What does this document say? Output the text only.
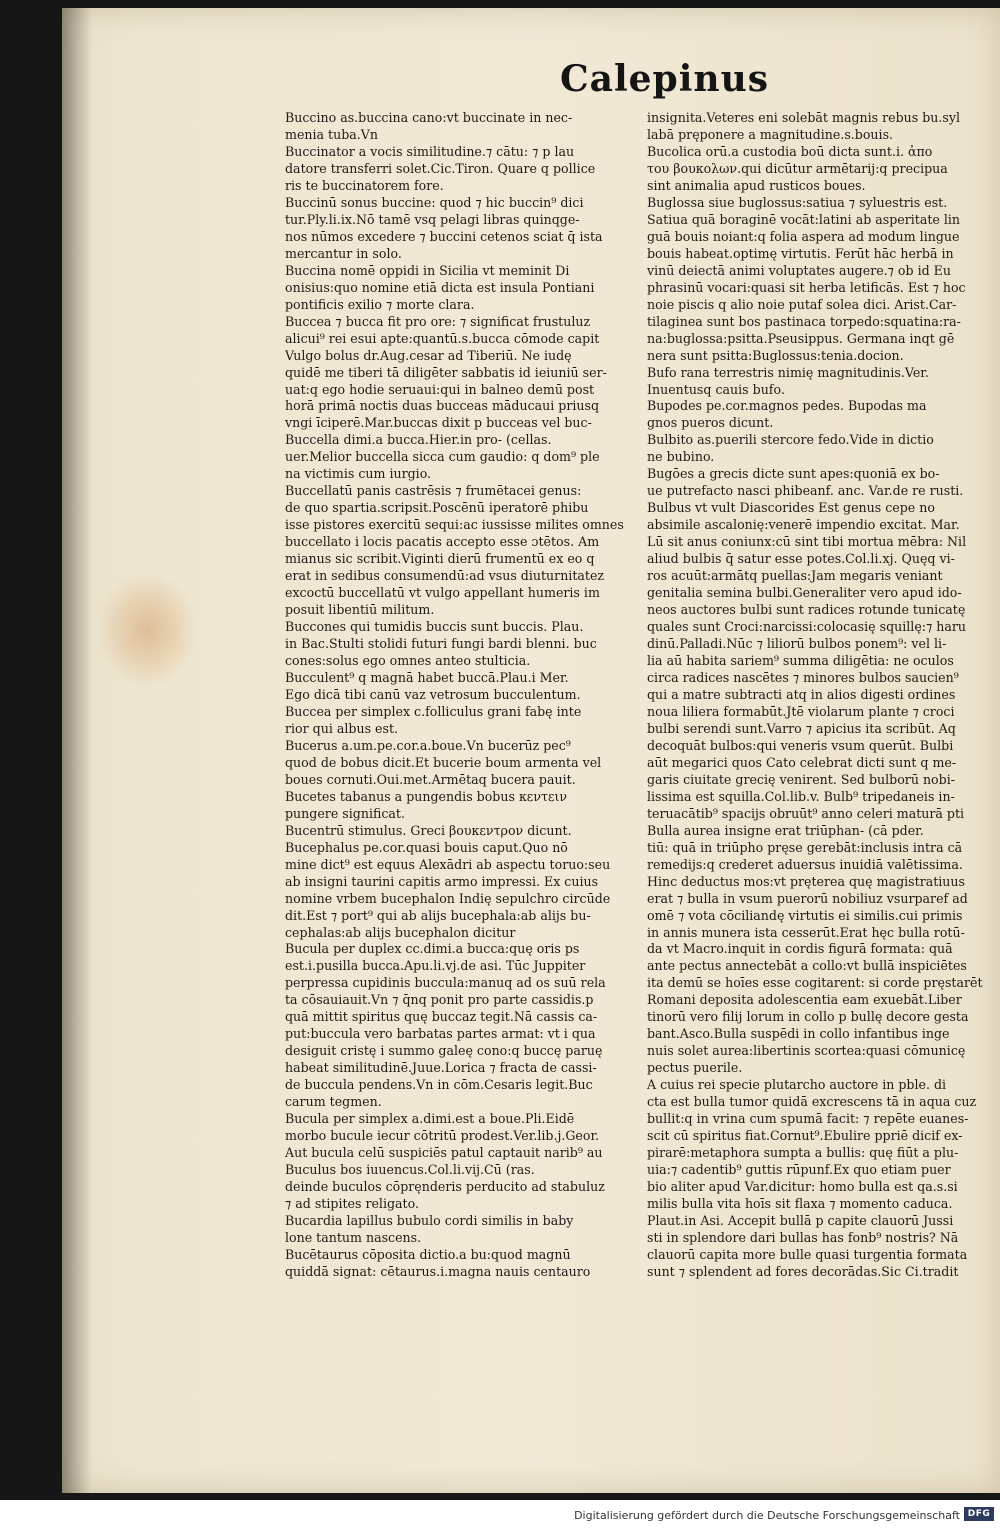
Calepinus
Buccino as.buccina cano:vt buccinate in nec-
menia tuba.Vn
Buccinator a vocis similitudine.⁊ cātu: ⁊ p lau
datore transferri solet.Cic.Tiron. Quare q pollice
ris te buccinatorem fore.
Buccinū sonus buccine: quod ⁊ hic buccin⁹ dici
tur.Ply.li.ix.Nō tamē vsq pelagi libras quinqge-
nos nūmos excedere ⁊ buccini cetenos sciat q̄ ista
mercantur in solo.
Buccina nomē oppidi in Sicilia vt meminit Di
onisius:quo nomine etiā dicta est insula Pontiani
pontificis exilio ⁊ morte clara.
Buccea ⁊ bucca fit pro ore: ⁊ significat frustuluz
alicui⁹ rei esui apte:quantū.s.bucca cōmode capit
Vulgo bolus dr.Aug.cesar ad Tiberiū. Ne iudę
quidē me tiberi tā diligēter sabbatis id ieiuniū ser-
uat:q ego hodie seruaui:qui in balneo demū post
horā primā noctis duas bucceas māducaui priusq
vngi īciperē.Mar.buccas dixit p bucceas vel buc-
Buccella dimi.a bucca.Hier.in pro- (cellas.
uer.Melior buccella sicca cum gaudio: q dom⁹ ple
na victimis cum iurgio.
Buccellatū panis castrēsis ⁊ frumētacei genus:
de quo spartia.scripsit.Poscēnū iperatorē phibu
isse pistores exercitū sequi:ac iussisse milites omnes
buccellato i locis pacatis accepto esse ɔtētos. Am
mianus sic scribit.Viginti dierū frumentū ex eo q
erat in sedibus consumendū:ad vsus diuturnitatez
excoctū buccellatū vt vulgo appellant humeris im
posuit libentiū militum.
Buccones qui tumidis buccis sunt buccis. Plau.
in Bac.Stulti stolidi futuri fungi bardi blenni. buc
cones:solus ego omnes anteo stulticia.
Bucculent⁹ q magnā habet buccā.Plau.i Mer.
Ego dicā tibi canū vaz vetrosum bucculentum.
Buccea per simplex c.folliculus grani fabę inte
rior qui albus est.
Bucerus a.um.pe.cor.a.boue.Vn bucerūz pec⁹
quod de bobus dicit.Et bucerie boum armenta vel
boues cornuti.Oui.met.Armētaq bucera pauit.
Bucetes tabanus a pungendis bobus κεντειν
pungere significat.
Bucentrū stimulus. Greci βουκεντρον dicunt.
Bucephalus pe.cor.quasi bouis caput.Quo nō
mine dict⁹ est equus Alexādri ab aspectu toruo:seu
ab insigni taurini capitis armo impressi. Ex cuius
nomine vrbem bucephalon Indię sepulchro circūde
dit.Est ⁊ port⁹ qui ab alijs bucephala:ab alijs bu-
cephalas:ab alijs bucephalon dicitur
Bucula per duplex cc.dimi.a bucca:quę oris ps
est.i.pusilla bucca.Apu.li.vj.de asi. Tūc Juppiter
perpressa cupidinis buccula:manuq ad os suū rela
ta cōsauiauit.Vn ⁊ q̄nq ponit pro parte cassidis.p
quā mittit spiritus quę buccaz tegit.Nā cassis ca-
put:buccula vero barbatas partes armat: vt i qua
desiguit cristę i summo galeę cono:q buccę paruę
habeat similitudinē.Juue.Lorica ⁊ fracta de cassi-
de buccula pendens.Vn in cōm.Cesaris legit.Buc
carum tegmen.
Bucula per simplex a.dimi.est a boue.Pli.Eidē
morbo bucule iecur cōtritū prodest.Ver.lib.j.Geor.
Aut bucula celū suspiciēs patul captauit narib⁹ au
Buculus bos iuuencus.Col.li.vij.Cū (ras.
deinde buculos cōpręnderis perducito ad stabuluz
⁊ ad stipites religato.
Bucardia lapillus bubulo cordi similis in baby
lone tantum nascens.
Bucētaurus cōposita dictio.a bu:quod magnū
quiddā signat: cētaurus.i.magna nauis centauro
insignita.Veteres eni solebāt magnis rebus bu.syl
labā pręponere a magnitudine.s.bouis.
Bucolica orū.a custodia boū dicta sunt.i. ἀπο
του βουκολων.qui dicūtur armētarij:q precipua
sint animalia apud rusticos boues.
Buglossa siue buglossus:satiua ⁊ syluestris est.
Satiua quā boraginē vocāt:latini ab asperitate lin
guā bouis noiant:q folia aspera ad modum lingue
bouis habeat.optimę virtutis. Ferūt hāc herbā in
vinū deiectā animi voluptates augere.⁊ ob id Eu
phrasinū vocari:quasi sit herba letificās. Est ⁊ hoc
noie piscis q alio noie putaf solea dici. Arist.Car-
tilaginea sunt bos pastinaca torpedo:squatina:ra-
na:buglossa:psitta.Pseusippus. Germana inqt gē
nera sunt psitta:Buglossus:tenia.docion.
Bufo rana terrestris nimię magnitudinis.Ver.
Inuentusq cauis bufo.
Bupodes pe.cor.magnos pedes. Bupodas ma
gnos pueros dicunt.
Bulbito as.puerili stercore fedo.Vide in dictio
ne bubino.
Bugōes a grecis dicte sunt apes:quoniā ex bo-
ue putrefacto nasci phibeanf. anc. Var.de re rusti.
Bulbus vt vult Diascorides Est genus cepe no
absimile ascalonię:venerē impendio excitat. Mar.
Lū sit anus coniunx:cū sint tibi mortua mēbra: Nil
aliud bulbis q̄ satur esse potes.Col.li.xj. Quęq vi-
ros acuūt:armātq puellas:Jam megaris veniant
genitalia semina bulbi.Generaliter vero apud ido-
neos auctores bulbi sunt radices rotunde tunicatę
quales sunt Croci:narcissi:colocasię squillę:⁊ haru
dinū.Palladi.Nūc ⁊ liliorū bulbos ponem⁹: vel li-
lia aū habita sariem⁹ summa diligētia: ne oculos
circa radices nascētes ⁊ minores bulbos saucien⁹
qui a matre subtracti atq in alios digesti ordines
noua liliera formabūt.Jtē violarum plante ⁊ croci
bulbi serendi sunt.Varro ⁊ apicius ita scribūt. Aq
decoquāt bulbos:qui veneris vsum querūt. Bulbi
aūt megarici quos Cato celebrat dicti sunt q me-
garis ciuitate grecię venirent. Sed bulborū nobi-
lissima est squilla.Col.lib.v. Bulb⁹ tripedaneis in-
teruacātib⁹ spacijs obruūt⁹ anno celeri maturā pti
Bulla aurea insigne erat triūphan- (cā pder.
tiū: quā in triūpho pręse gerebāt:inclusis intra cā
remedijs:q crederet aduersus inuidiā valētissima.
Hinc deductus mos:vt pręterea quę magistratiuus
erat ⁊ bulla in vsum puerorū nobiliuz vsurparef ad
omē ⁊ vota cōciliandę virtutis ei similis.cui primis
in annis munera ista cesserūt.Erat hęc bulla rotū-
da vt Macro.inquit in cordis figurā formata: quā
ante pectus annectebāt a collo:vt bullā inspiciētes
ita demū se hoīes esse cogitarent: si corde pręstarēt
Romani deposita adolescentia eam exuebāt.Liber
tinorū vero filij lorum in collo p bullę decore gesta
bant.Asco.Bulla suspēdi in collo infantibus inge
nuis solet aurea:libertinis scortea:quasi cōmunicę
pectus puerile.
A cuius rei specie plutarcho auctore in pble. di
cta est bulla tumor quidā excrescens tā in aqua cuz
bullit:q in vrina cum spumā facit: ⁊ repēte euanes-
scit cū spiritus fiat.Cornut⁹.Ebulire ppriē dicif ex-
pirarē:metaphora sumpta a bullis: quę fiūt a plu-
uia:⁊ cadentib⁹ guttis rūpunf.Ex quo etiam puer
bio aliter apud Var.dicitur: homo bulla est qa.s.si
milis bulla vita hoīs sit flaxa ⁊ momento caduca.
Plaut.in Asi. Accepit bullā p capite clauorū Jussi
sti in splendore dari bullas has fonb⁹ nostris? Nā
clauorū capita more bulle quasi turgentia formata
sunt ⁊ splendent ad fores decorādas.Sic Ci.tradit
Digitalisierung gefördert durch die Deutsche Forschungsgemeinschaft DFG
